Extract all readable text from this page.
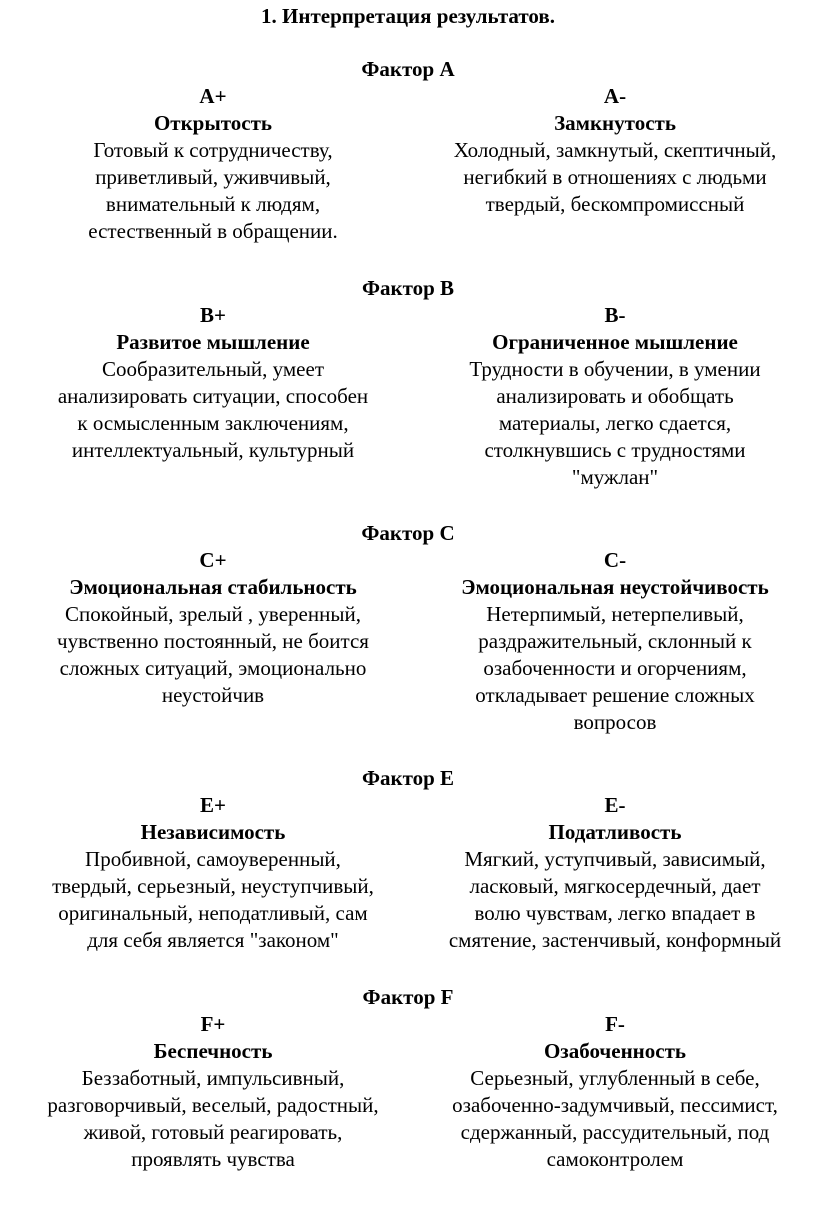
1. Интерпретация результатов.
Фактор А
А+
Открытость
Готовый к сотрудничеству,
приветливый, уживчивый,
внимательный к людям,
естественный в обращении.
А-
Замкнутость
Холодный, замкнутый, скептичный,
негибкий в отношениях с людьми
твердый, бескомпромиссный
Фактор В
В+
Развитое мышление
Сообразительный, умеет
анализировать ситуации, способен
к осмысленным заключениям,
интеллектуальный, культурный
В-
Ограниченное мышление
Трудности в обучении, в умении
анализировать и обобщать
материалы, легко сдается,
столкнувшись с трудностями
"мужлан"
Фактор С
С+
Эмоциональная стабильность
Спокойный, зрелый , уверенный,
чувственно постоянный, не боится
сложных ситуаций, эмоционально
неустойчив
С-
Эмоциональная неустойчивость
Нетерпимый, нетерпеливый,
раздражительный, склонный к
озабоченности и огорчениям,
откладывает решение сложных
вопросов
Фактор Е
Е+
Независимость
Пробивной, самоуверенный,
твердый, серьезный, неуступчивый,
оригинальный, неподатливый, сам
для себя является "законом"
Е-
Податливость
Мягкий, уступчивый, зависимый,
ласковый, мягкосердечный, дает
волю чувствам, легко впадает в
смятение, застенчивый, конформный
Фактор F
F+
Беспечность
Беззаботный, импульсивный,
разговорчивый, веселый, радостный,
живой, готовый реагировать,
проявлять чувства
F-
Озабоченность
Серьезный, углубленный в себе,
озабоченно-задумчивый, пессимист,
сдержанный, рассудительный, под
самоконтролем
